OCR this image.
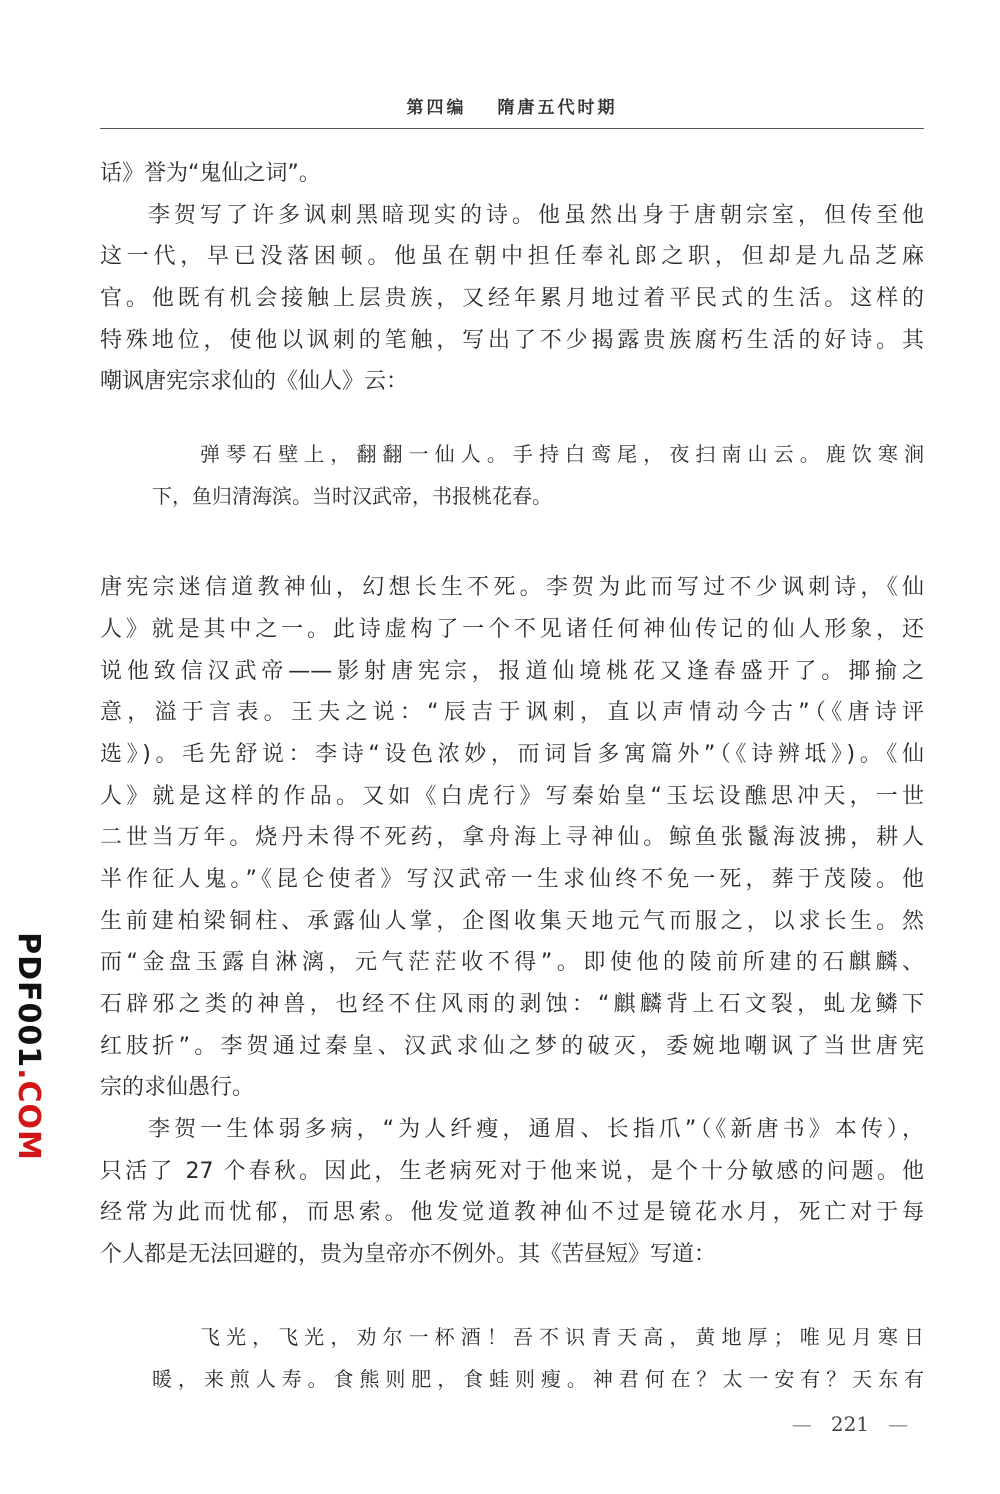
第四编 隋唐五代时期
话》誉为“鬼仙之词”。
李贺写了许多讽刺黑暗现实的诗。他虽然出身于唐朝宗室，但传至他
这一代，早已没落困顿。他虽在朝中担任奉礼郎之职，但却是九品芝麻
官。他既有机会接触上层贵族，又经年累月地过着平民式的生活。这样的
特殊地位，使他以讽刺的笔触，写出了不少揭露贵族腐朽生活的好诗。其
嘲讽唐宪宗求仙的《仙人》云：
弹琴石壁上，翻翻一仙人。手持白鸾尾，夜扫南山云。鹿饮寒涧
下，鱼归清海滨。当时汉武帝，书报桃花春。
唐宪宗迷信道教神仙，幻想长生不死。李贺为此而写过不少讽刺诗，《仙
人》就是其中之一。此诗虚构了一个不见诸任何神仙传记的仙人形象，还
说他致信汉武帝——影射唐宪宗，报道仙境桃花又逢春盛开了。揶揄之
意，溢于言表。王夫之说：“辰吉于讽刺，直以声情动今古”（《唐诗评
选》)。毛先舒说：李诗“设色浓妙，而词旨多寓篇外”（《诗辨坻》)。《仙
人》就是这样的作品。又如《白虎行》写秦始皇“玉坛设醮思冲天，一世
二世当万年。烧丹未得不死药，拿舟海上寻神仙。鲸鱼张鬣海波拂，耕人
半作征人鬼。”《昆仑使者》写汉武帝一生求仙终不免一死，葬于茂陵。他
生前建柏梁铜柱、承露仙人掌，企图收集天地元气而服之，以求长生。然
而“金盘玉露自淋漓，元气茫茫收不得”。即使他的陵前所建的石麒麟、
石辟邪之类的神兽，也经不住风雨的剥蚀：“麒麟背上石文裂，虬龙鳞下
红肢折”。李贺通过秦皇、汉武求仙之梦的破灭，委婉地嘲讽了当世唐宪
宗的求仙愚行。
李贺一生体弱多病，“为人纤瘦，通眉、长指爪”（《新唐书》本传），
只活了 27 个春秋。因此，生老病死对于他来说，是个十分敏感的问题。他
经常为此而忧郁，而思索。他发觉道教神仙不过是镜花水月，死亡对于每
个人都是无法回避的，贵为皇帝亦不例外。其《苦昼短》写道：
飞光，飞光，劝尔一杯酒！吾不识青天高，黄地厚；唯见月寒日
暖，来煎人寿。食熊则肥，食蛙则瘦。神君何在？太一安有？天东有
PDF001.COM
— 221 —
